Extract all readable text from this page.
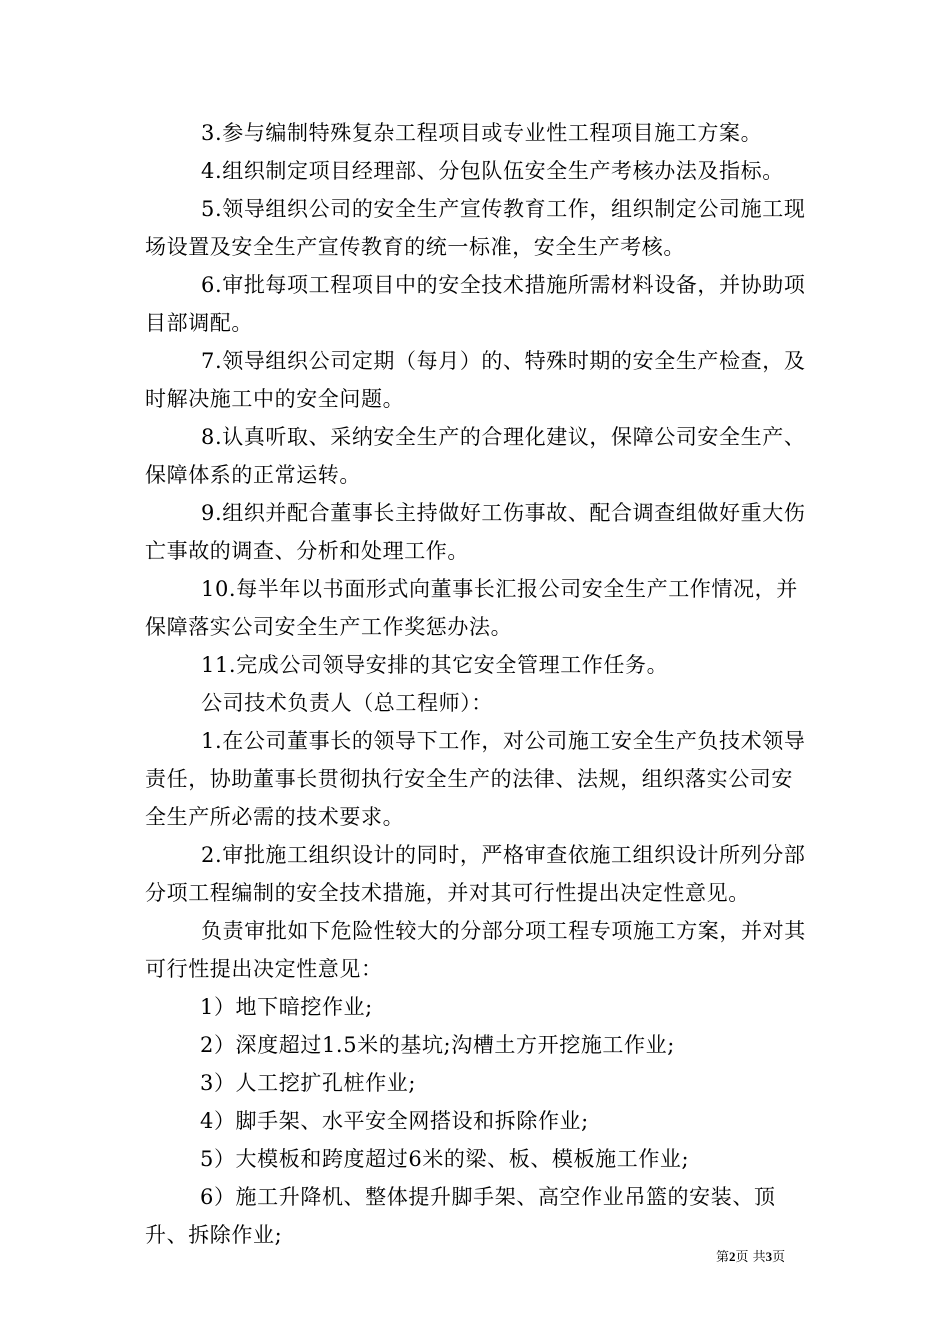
3.参与编制特殊复杂工程项目或专业性工程项目施工方案。

4.组织制定项目经理部、分包队伍安全生产考核办法及指标。

5.领导组织公司的安全生产宣传教育工作，组织制定公司施工现场设置及安全生产宣传教育的统一标准，安全生产考核。

6.审批每项工程项目中的安全技术措施所需材料设备，并协助项目部调配。

7.领导组织公司定期（每月）的、特殊时期的安全生产检查，及时解决施工中的安全问题。

8.认真听取、采纳安全生产的合理化建议，保障公司安全生产、保障体系的正常运转。

9.组织并配合董事长主持做好工伤事故、配合调查组做好重大伤亡事故的调查、分析和处理工作。

10.每半年以书面形式向董事长汇报公司安全生产工作情况，并保障落实公司安全生产工作奖惩办法。

11.完成公司领导安排的其它安全管理工作任务。

公司技术负责人（总工程师）：

1.在公司董事长的领导下工作，对公司施工安全生产负技术领导责任，协助董事长贯彻执行安全生产的法律、法规，组织落实公司安全生产所必需的技术要求。

2.审批施工组织设计的同时，严格审查依施工组织设计所列分部分项工程编制的安全技术措施，并对其可行性提出决定性意见。

负责审批如下危险性较大的分部分项工程专项施工方案，并对其可行性提出决定性意见：

1）地下暗挖作业;

2）深度超过1.5米的基坑;沟槽土方开挖施工作业;

3）人工挖扩孔桩作业;

4）脚手架、水平安全网搭设和拆除作业;

5）大模板和跨度超过6米的梁、板、模板施工作业;

6）施工升降机、整体提升脚手架、高空作业吊篮的安装、顶升、拆除作业;

第2页 共3页
